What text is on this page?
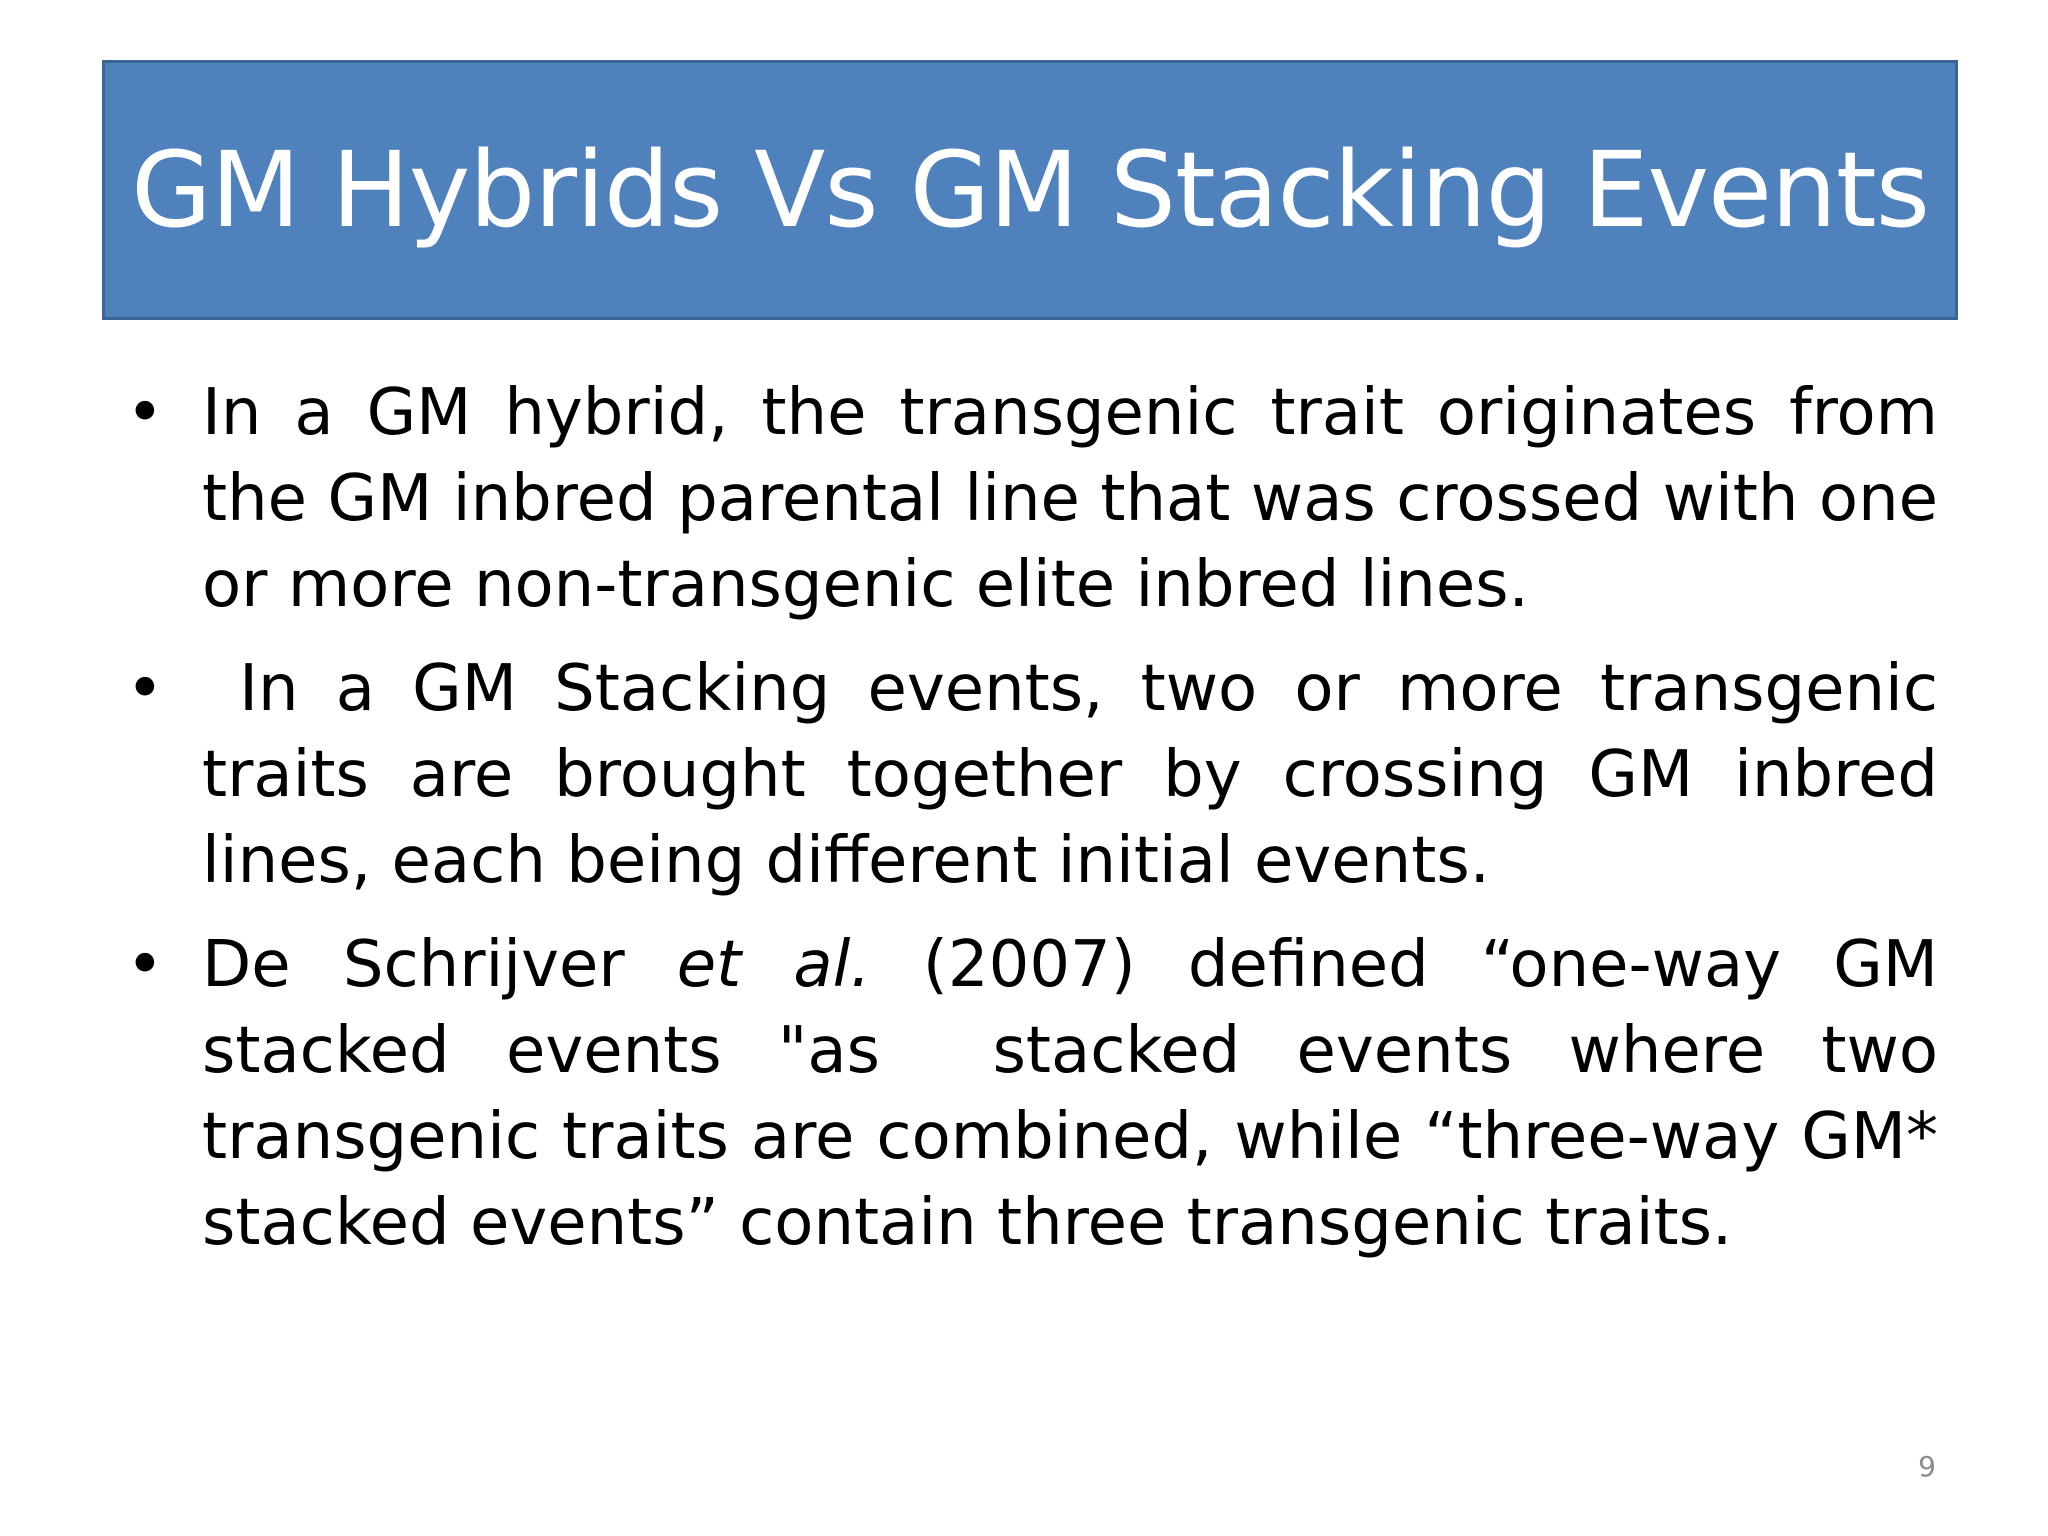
GM Hybrids Vs GM Stacking Events
• In a GM hybrid, the transgenic trait originates from the GM inbred parental line that was crossed with one or more non-transgenic elite inbred lines.
• In a GM Stacking events, two or more transgenic traits are brought together by crossing GM inbred lines, each being different initial events.
• De Schrijver et al. (2007) defined “one-way GM stacked events "as  stacked events where two transgenic traits are combined, while “three-way GM* stacked events” contain three transgenic traits.
9
